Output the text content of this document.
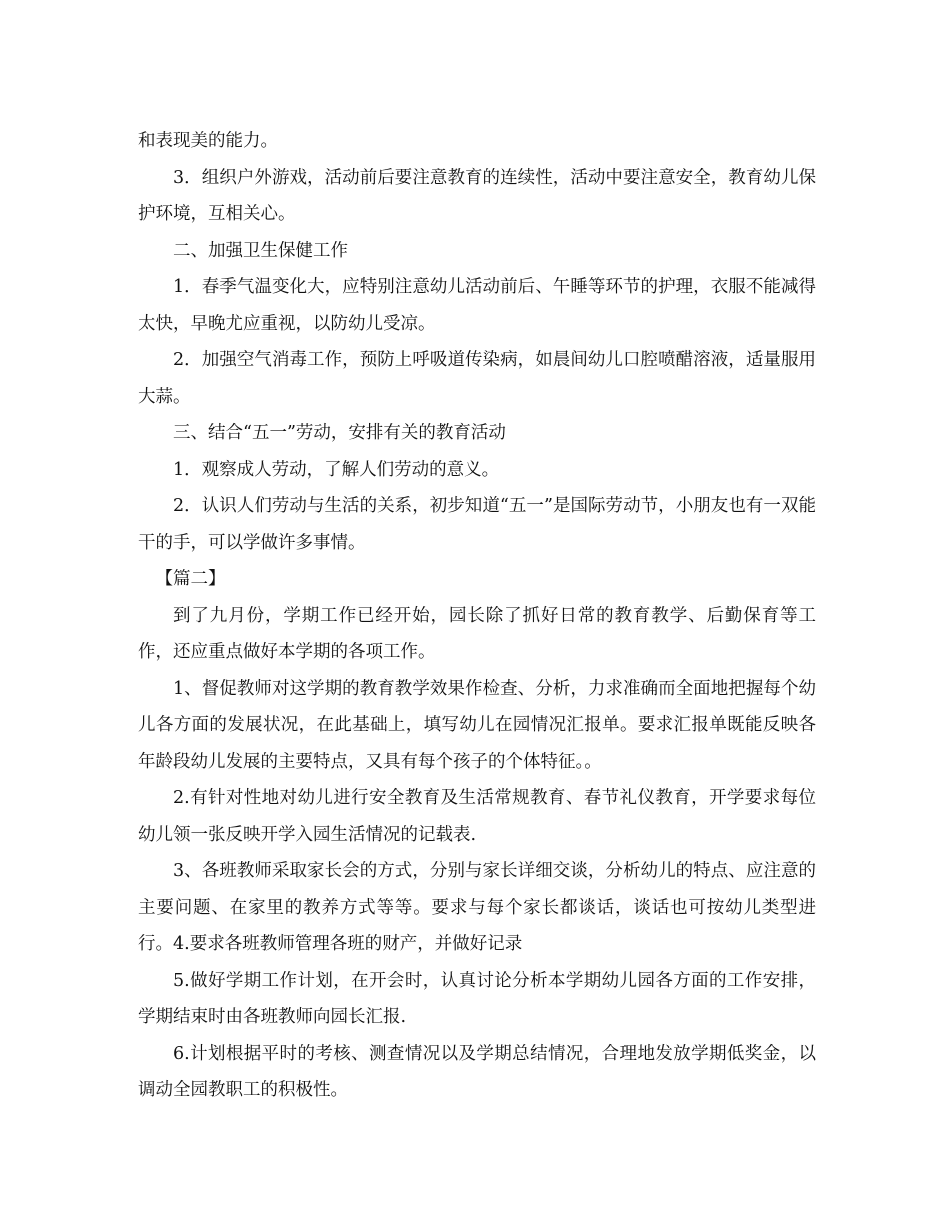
和表现美的能力。

3．组织户外游戏，活动前后要注意教育的连续性，活动中要注意安全，教育幼儿保护环境，互相关心。

二、加强卫生保健工作

1．春季气温变化大，应特别注意幼儿活动前后、午睡等环节的护理，衣服不能减得太快，早晚尤应重视，以防幼儿受凉。

2．加强空气消毒工作，预防上呼吸道传染病，如晨间幼儿口腔喷醋溶液，适量服用大蒜。

三、结合“五一”劳动，安排有关的教育活动

1．观察成人劳动，了解人们劳动的意义。

2．认识人们劳动与生活的关系，初步知道“五一”是国际劳动节，小朋友也有一双能干的手，可以学做许多事情。

【篇二】

到了九月份，学期工作已经开始，园长除了抓好日常的教育教学、后勤保育等工作，还应重点做好本学期的各项工作。

1、督促教师对这学期的教育教学效果作检查、分析，力求准确而全面地把握每个幼儿各方面的发展状况，在此基础上，填写幼儿在园情况汇报单。要求汇报单既能反映各年龄段幼儿发展的主要特点，又具有每个孩子的个体特征。。

2.有针对性地对幼儿进行安全教育及生活常规教育、春节礼仪教育，开学要求每位幼儿领一张反映开学入园生活情况的记载表.

3、各班教师采取家长会的方式，分别与家长详细交谈，分析幼儿的特点、应注意的主要问题、在家里的教养方式等等。要求与每个家长都谈话，谈话也可按幼儿类型进行。4.要求各班教师管理各班的财产，并做好记录

5.做好学期工作计划，在开会时，认真讨论分析本学期幼儿园各方面的工作安排，学期结束时由各班教师向园长汇报.

6.计划根据平时的考核、测查情况以及学期总结情况，合理地发放学期低奖金，以调动全园教职工的积极性。
